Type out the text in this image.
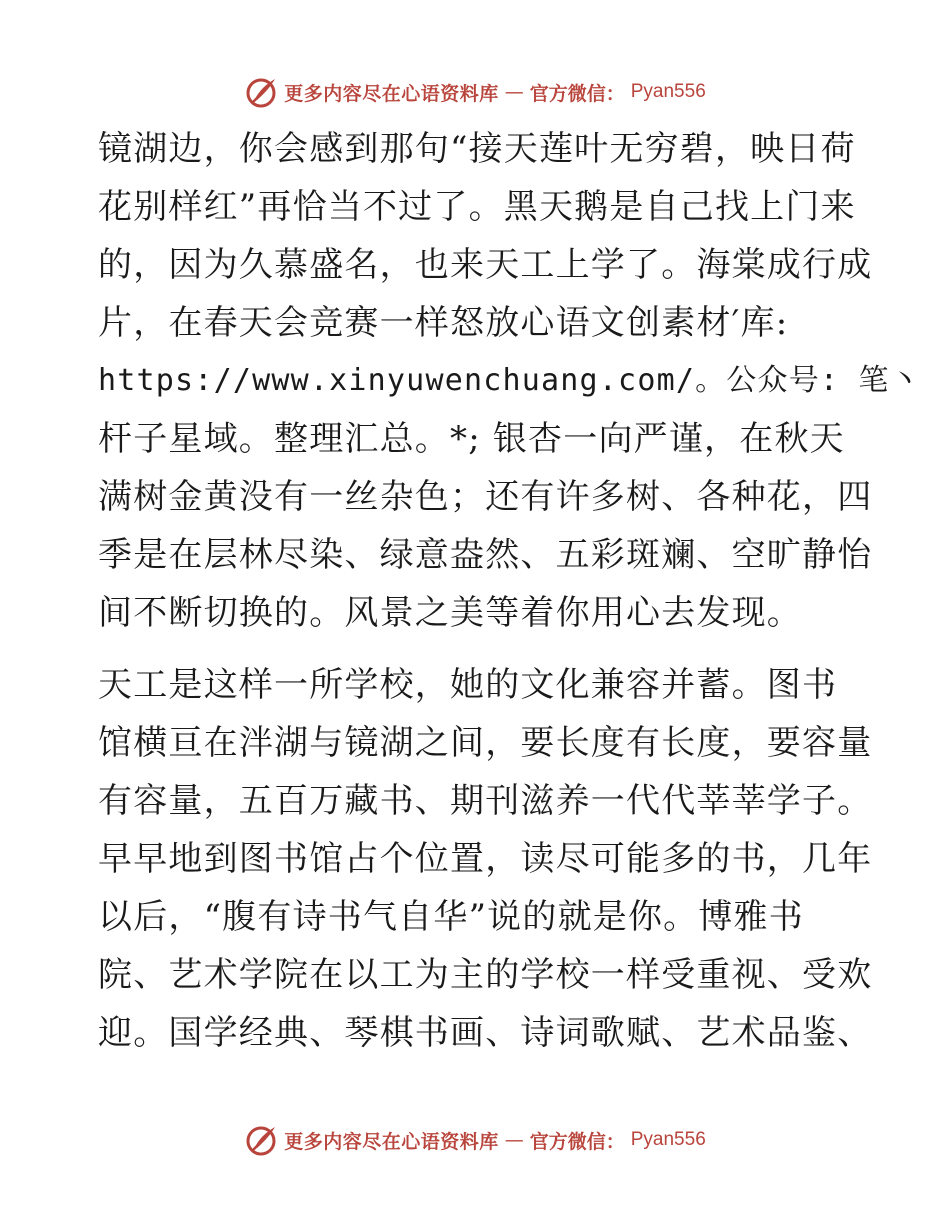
更多内容尽在心语资料库 — 官方微信： Pyan556
镜湖边，你会感到那句“接天莲叶无穷碧，映日荷
花别样红”再恰当不过了。黑天鹅是自己找上门来
的，因为久慕盛名，也来天工上学了。海棠成行成
片，在春天会竞赛一样怒放心语文创素材′库:
https://www.xinyuwenchuang.com/。公众号: 笔丶
杆子星域。整理汇总。*; 银杏一向严谨，在秋天
满树金黄没有一丝杂色；还有许多树、各种花，四
季是在层林尽染、绿意盎然、五彩斑斓、空旷静怡
间不断切换的。风景之美等着你用心去发现。
天工是这样一所学校，她的文化兼容并蓄。图书
馆横亘在泮湖与镜湖之间，要长度有长度，要容量
有容量，五百万藏书、期刊滋养一代代莘莘学子。
早早地到图书馆占个位置，读尽可能多的书，几年
以后，“腹有诗书气自华”说的就是你。博雅书
院、艺术学院在以工为主的学校一样受重视、受欢
迎。国学经典、琴棋书画、诗词歌赋、艺术品鉴、
更多内容尽在心语资料库 — 官方微信： Pyan556
